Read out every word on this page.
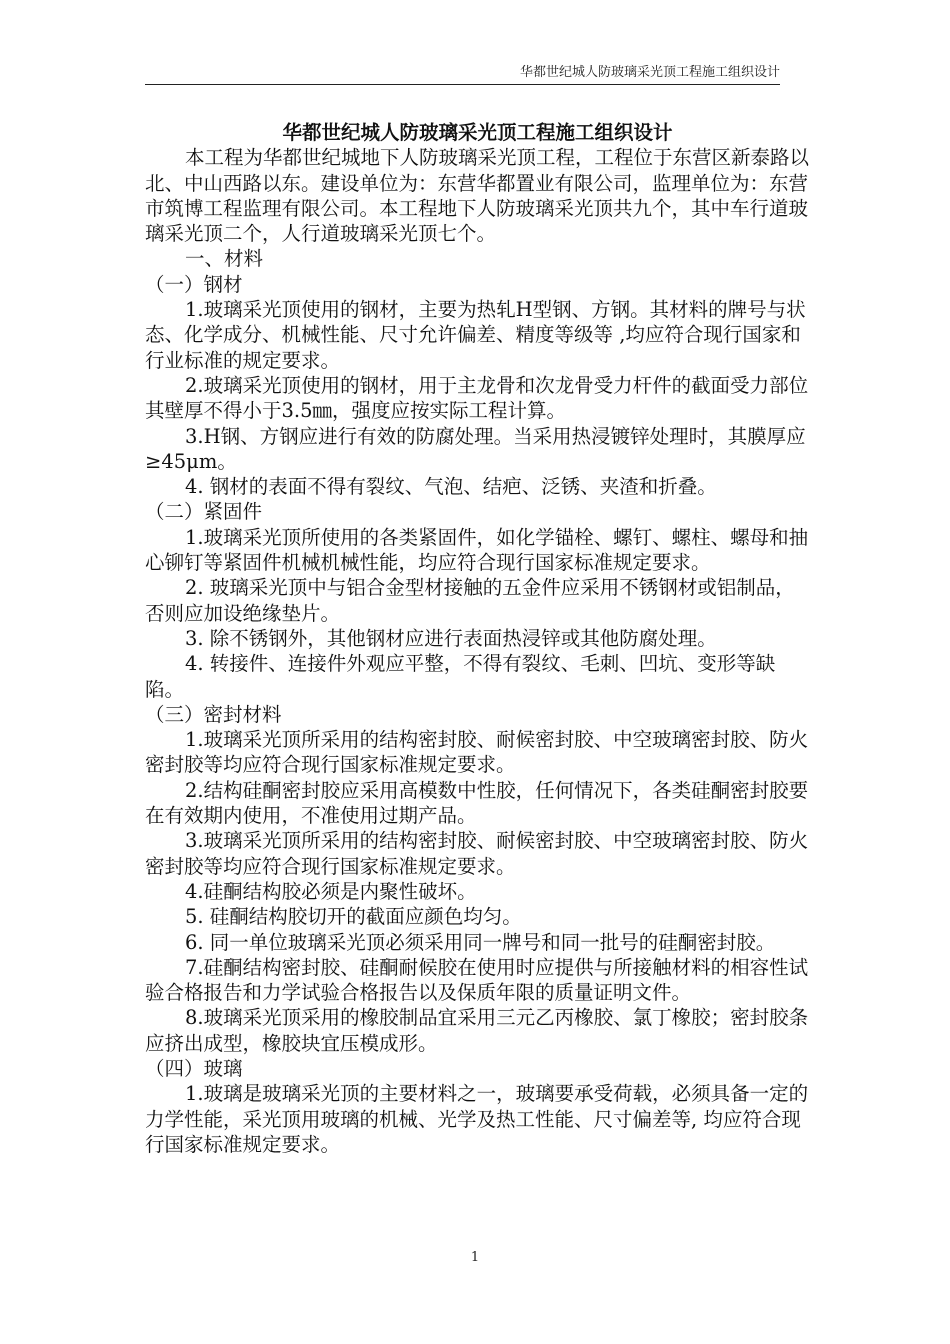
华都世纪城人防玻璃采光顶工程施工组织设计

华都世纪城人防玻璃采光顶工程施工组织设计

本工程为华都世纪城地下人防玻璃采光顶工程，工程位于东营区新泰路以北、中山西路以东。建设单位为：东营华都置业有限公司，监理单位为：东营市筑博工程监理有限公司。本工程地下人防玻璃采光顶共九个，其中车行道玻璃采光顶二个，人行道玻璃采光顶七个。

一、材料

（一）钢材

1.玻璃采光顶使用的钢材，主要为热轧H型钢、方钢。其材料的牌号与状态、化学成分、机械性能、尺寸允许偏差、精度等级等 ,均应符合现行国家和行业标准的规定要求。

2.玻璃采光顶使用的钢材，用于主龙骨和次龙骨受力杆件的截面受力部位其壁厚不得小于3.5㎜，强度应按实际工程计算。

3.H钢、方钢应进行有效的防腐处理。当采用热浸镀锌处理时，其膜厚应≥45μm。

4. 钢材的表面不得有裂纹、气泡、结疤、泛锈、夹渣和折叠。

（二）紧固件

1.玻璃采光顶所使用的各类紧固件，如化学锚栓、螺钉、螺柱、螺母和抽心铆钉等紧固件机械机械性能，均应符合现行国家标准规定要求。

2. 玻璃采光顶中与铝合金型材接触的五金件应采用不锈钢材或铝制品，否则应加设绝缘垫片。

3. 除不锈钢外，其他钢材应进行表面热浸锌或其他防腐处理。

4. 转接件、连接件外观应平整，不得有裂纹、毛刺、凹坑、变形等缺陷。

（三）密封材料

1.玻璃采光顶所采用的结构密封胶、耐候密封胶、中空玻璃密封胶、防火密封胶等均应符合现行国家标准规定要求。

2.结构硅酮密封胶应采用高模数中性胶，任何情况下，各类硅酮密封胶要在有效期内使用，不准使用过期产品。

3.玻璃采光顶所采用的结构密封胶、耐候密封胶、中空玻璃密封胶、防火密封胶等均应符合现行国家标准规定要求。

4.硅酮结构胶必须是内聚性破坏。

5. 硅酮结构胶切开的截面应颜色均匀。

6. 同一单位玻璃采光顶必须采用同一牌号和同一批号的硅酮密封胶。

7.硅酮结构密封胶、硅酮耐候胶在使用时应提供与所接触材料的相容性试验合格报告和力学试验合格报告以及保质年限的质量证明文件。

8.玻璃采光顶采用的橡胶制品宜采用三元乙丙橡胶、氯丁橡胶；密封胶条应挤出成型，橡胶块宜压模成形。

（四）玻璃

1.玻璃是玻璃采光顶的主要材料之一，玻璃要承受荷载，必须具备一定的力学性能，采光顶用玻璃的机械、光学及热工性能、尺寸偏差等, 均应符合现行国家标准规定要求。

1
